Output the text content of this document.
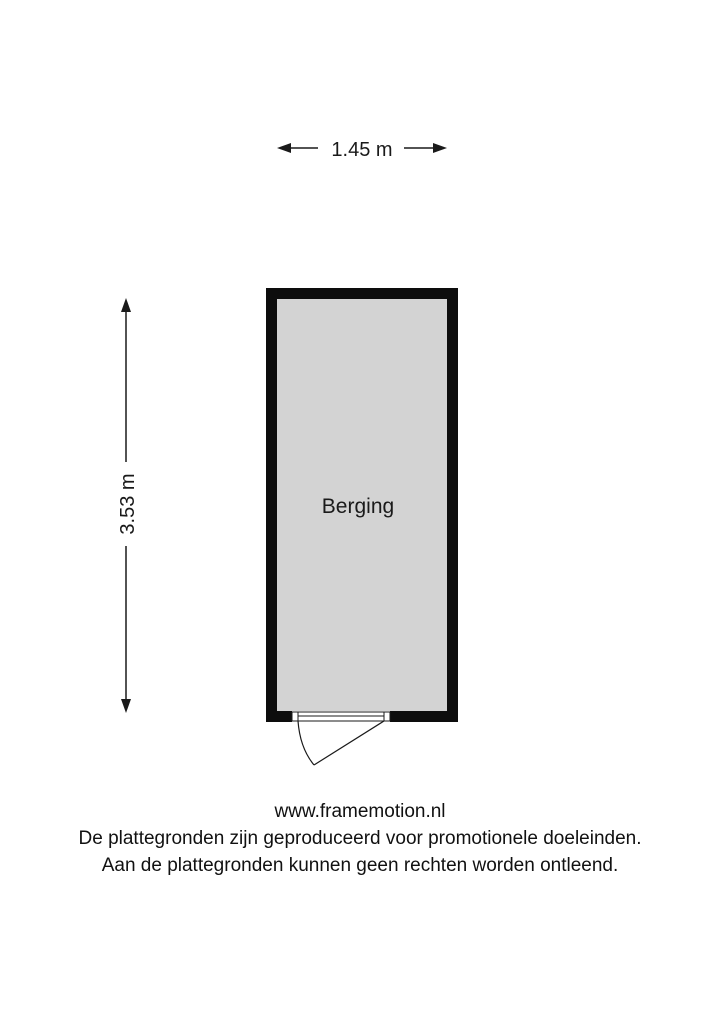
1.45 m
3.53 m	Berging
www.framemotion.nl
De plattegronden zijn geproduceerd voor promotionele doeleinden.
Aan de plattegronden kunnen geen rechten worden ontleend.
